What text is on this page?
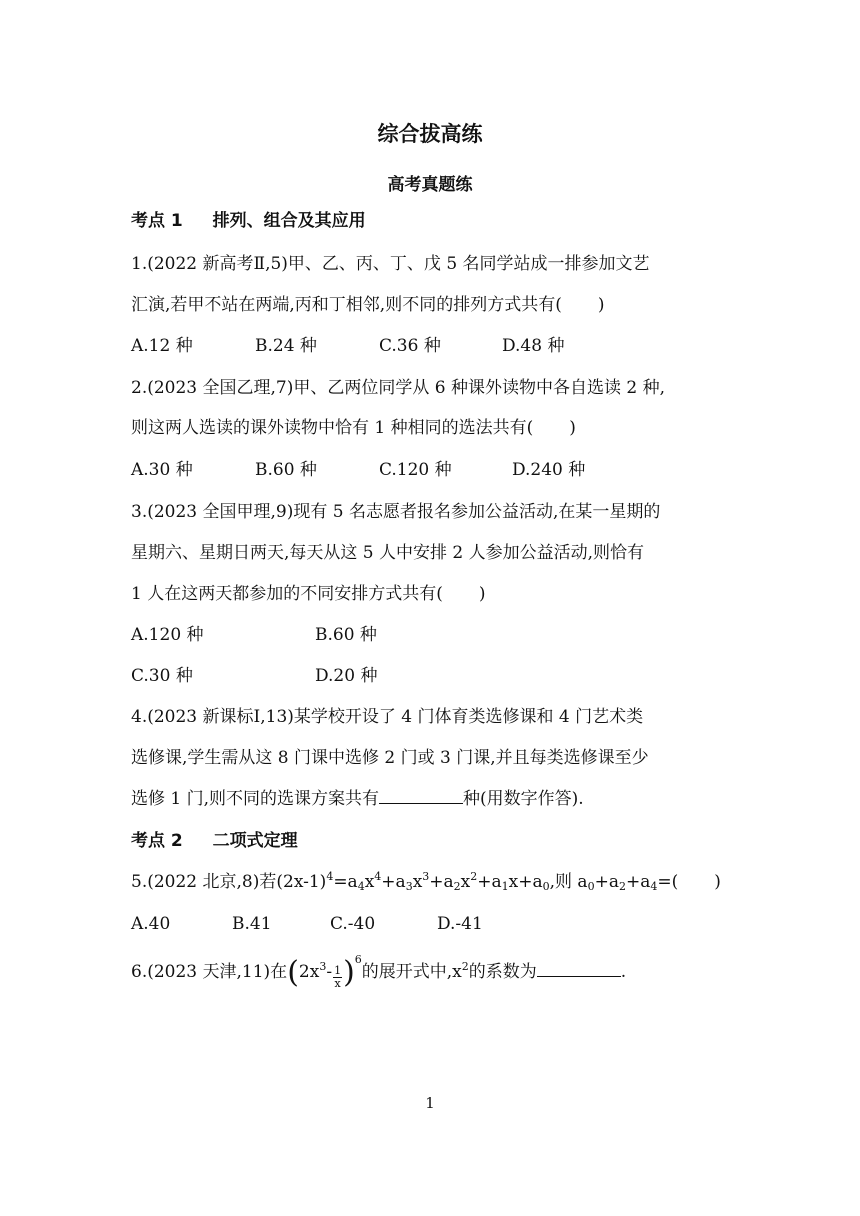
综合拔高练
高考真题练
考点 1 排列、组合及其应用
1.(2022 新高考Ⅱ,5)甲、乙、丙、丁、戊 5 名同学站成一排参加文艺
汇演,若甲不站在两端,丙和丁相邻,则不同的排列方式共有( )
A.12 种	B.24 种	C.36 种	D.48 种
2.(2023 全国乙理,7)甲、乙两位同学从 6 种课外读物中各自选读 2 种,
则这两人选读的课外读物中恰有 1 种相同的选法共有( )
A.30 种	B.60 种	C.120 种	D.240 种
3.(2023 全国甲理,9)现有 5 名志愿者报名参加公益活动,在某一星期的
星期六、星期日两天,每天从这 5 人中安排 2 人参加公益活动,则恰有
1 人在这两天都参加的不同安排方式共有( )
A.120 种	B.60 种
C.30 种	D.20 种
4.(2023 新课标Ⅰ,13)某学校开设了 4 门体育类选修课和 4 门艺术类
选修课,学生需从这 8 门课中选修 2 门或 3 门课,并且每类选修课至少
选修 1 门,则不同的选课方案共有	种(用数字作答).
考点 2 二项式定理
5.(2022 北京,8)若$(2x-1)^4=a_4x^4+a_3x^3+a_2x^2+a_1x+a_0$,则 $a_0+a_2+a_4=$( )
A.40	B.41	C.-40	D.-41
6.(2023 天津,11)在$(2x^3- \frac{1}{x} )^6$的展开式中$,x^2$的系数为	.
1
